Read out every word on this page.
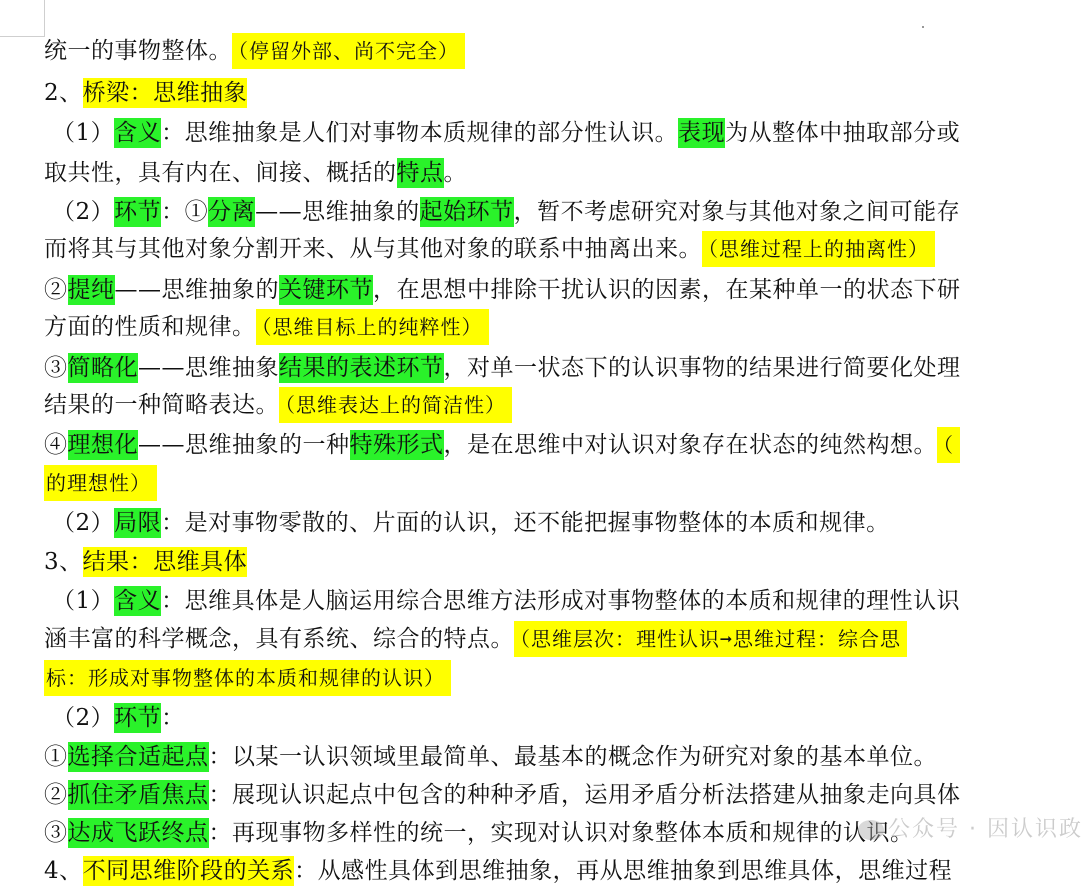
统一的事物整体。 （停留外部、尚不完全）
2、桥梁：思维抽象
（1）含义：思维抽象是人们对事物本质规律的部分性认识。表现为从整体中抽取部分或
取共性，具有内在、间接、概括的特点。
（2）环节：①分离——思维抽象的起始环节，暂不考虑研究对象与其他对象之间可能存
而将其与其他对象分割开来、从与其他对象的联系中抽离出来。 （思维过程上的抽离性）
②提纯——思维抽象的关键环节，在思想中排除干扰认识的因素，在某种单一的状态下研
方面的性质和规律。 （思维目标上的纯粹性）
③简略化——思维抽象结果的表述环节，对单一状态下的认识事物的结果进行简要化处理
结果的一种简略表达。 （思维表达上的简洁性）
④理想化——思维抽象的一种特殊形式，是在思维中对认识对象存在状态的纯然构想。 （
的理想性）
（2）局限：是对事物零散的、片面的认识，还不能把握事物整体的本质和规律。
3、结果：思维具体
（1）含义：思维具体是人脑运用综合思维方法形成对事物整体的本质和规律的理性认识
涵丰富的科学概念，具有系统、综合的特点。 （思维层次：理性认识➞思维过程：综合思
标：形成对事物整体的本质和规律的认识）
（2）环节：
①选择合适起点：以某一认识领域里最简单、最基本的概念作为研究对象的基本单位。
②抓住矛盾焦点：展现认识起点中包含的种种矛盾，运用矛盾分析法搭建从抽象走向具体
③达成飞跃终点：再现事物多样性的统一，实现对认识对象整体本质和规律的认识。
4、不同思维阶段的关系：从感性具体到思维抽象，再从思维抽象到思维具体，思维过程
公众号 · 因认识政
